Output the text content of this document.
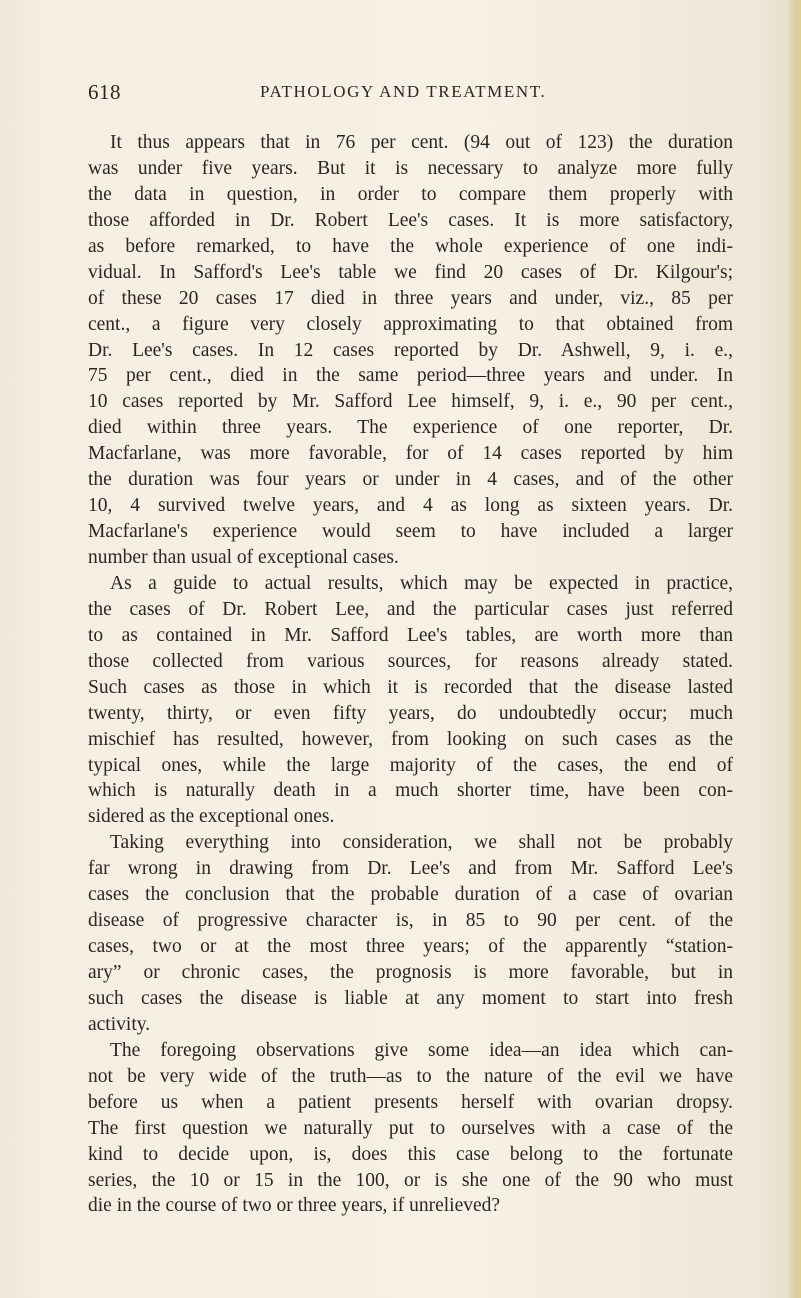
618	PATHOLOGY AND TREATMENT.
It thus appears that in 76 per cent. (94 out of 123) the duration
was under five years. But it is necessary to analyze more fully
the data in question, in order to compare them properly with
those afforded in Dr. Robert Lee's cases. It is more satisfactory,
as before remarked, to have the whole experience of one indi-
vidual. In Safford's Lee's table we find 20 cases of Dr. Kilgour's;
of these 20 cases 17 died in three years and under, viz., 85 per
cent., a figure very closely approximating to that obtained from
Dr. Lee's cases. In 12 cases reported by Dr. Ashwell, 9, i. e.,
75 per cent., died in the same period—three years and under. In
10 cases reported by Mr. Safford Lee himself, 9, i. e., 90 per cent.,
died within three years. The experience of one reporter, Dr.
Macfarlane, was more favorable, for of 14 cases reported by him
the duration was four years or under in 4 cases, and of the other
10, 4 survived twelve years, and 4 as long as sixteen years. Dr.
Macfarlane's experience would seem to have included a larger
number than usual of exceptional cases.
As a guide to actual results, which may be expected in practice,
the cases of Dr. Robert Lee, and the particular cases just referred
to as contained in Mr. Safford Lee's tables, are worth more than
those collected from various sources, for reasons already stated.
Such cases as those in which it is recorded that the disease lasted
twenty, thirty, or even fifty years, do undoubtedly occur; much
mischief has resulted, however, from looking on such cases as the
typical ones, while the large majority of the cases, the end of
which is naturally death in a much shorter time, have been con-
sidered as the exceptional ones.
Taking everything into consideration, we shall not be probably
far wrong in drawing from Dr. Lee's and from Mr. Safford Lee's
cases the conclusion that the probable duration of a case of ovarian
disease of progressive character is, in 85 to 90 per cent. of the
cases, two or at the most three years; of the apparently “station-
ary” or chronic cases, the prognosis is more favorable, but in
such cases the disease is liable at any moment to start into fresh
activity.
The foregoing observations give some idea—an idea which can-
not be very wide of the truth—as to the nature of the evil we have
before us when a patient presents herself with ovarian dropsy.
The first question we naturally put to ourselves with a case of the
kind to decide upon, is, does this case belong to the fortunate
series, the 10 or 15 in the 100, or is she one of the 90 who must
die in the course of two or three years, if unrelieved?
